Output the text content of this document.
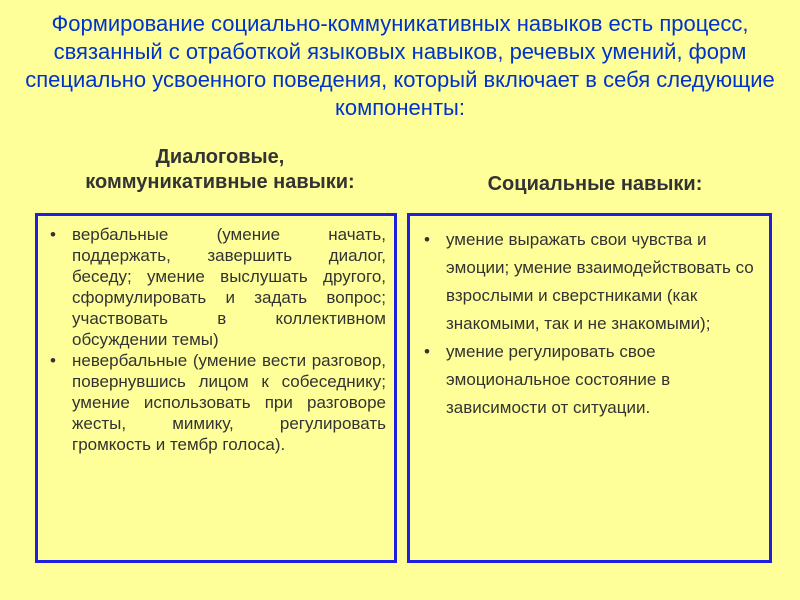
Формирование социально-коммуникативных навыков есть процесс, связанный с отработкой языковых навыков, речевых умений, форм специально усвоенного поведения, который включает в себя следующие компоненты:
Диалоговые,
коммуникативные навыки:	Социальные навыки:
• вербальные (умение начать, поддержать, завершить диалог, беседу; умение выслушать другого, сформулировать и задать вопрос; участвовать в коллективном обсуждении темы)
• невербальные (умение вести разговор, повернувшись лицом к собеседнику; умение использовать при разговоре жесты, мимику, регулировать громкость и тембр голоса).
• умение выражать свои чувства и эмоции; умение взаимодействовать со взрослыми и сверстниками (как знакомыми, так и не знакомыми);
• умение регулировать свое эмоциональное состояние в зависимости от ситуации.
